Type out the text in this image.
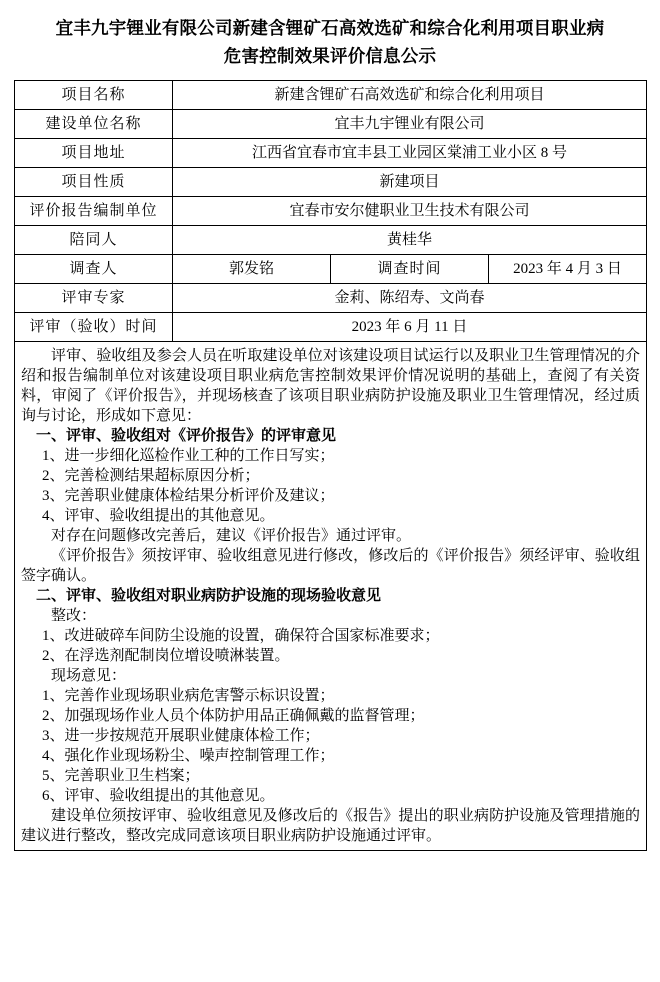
宜丰九宇锂业有限公司新建含锂矿石高效选矿和综合化利用项目职业病
危害控制效果评价信息公示
项目名称	新建含锂矿石高效选矿和综合化利用项目		
建设单位名称	宜丰九宇锂业有限公司		
项目地址	江西省宜春市宜丰县工业园区棠浦工业小区 8 号		
项目性质	新建项目		
评价报告编制单位	宜春市安尔健职业卫生技术有限公司		
陪同人	黄桂华		
调查人	郭发铭	调查时间	2023 年 4 月 3 日
评审专家	金莉、陈绍寿、文尚春		
评审（验收）时间	2023 年 6 月 11 日		

评审、验收组及参会人员在听取建设单位对该建设项目试运行以及职业卫生管理情况的介绍和报告编制单位对该建设项目职业病危害控制效果评价情况说明的基础上，查阅了有关资料，审阅了《评价报告》，并现场核查了该项目职业病防护设施及职业卫生管理情况，经过质询与讨论，形成如下意见：

一、评审、验收组对《评价报告》的评审意见

1、进一步细化巡检作业工种的工作日写实；

2、完善检测结果超标原因分析；

3、完善职业健康体检结果分析评价及建议；

4、评审、验收组提出的其他意见。

对存在问题修改完善后，建议《评价报告》通过评审。

《评价报告》须按评审、验收组意见进行修改，修改后的《评价报告》须经评审、验收组签字确认。

二、评审、验收组对职业病防护设施的现场验收意见

整改：

1、改进破碎车间防尘设施的设置，确保符合国家标准要求；

2、在浮选剂配制岗位增设喷淋装置。

现场意见：

1、完善作业现场职业病危害警示标识设置；

2、加强现场作业人员个体防护用品正确佩戴的监督管理；

3、进一步按规范开展职业健康体检工作；

4、强化作业现场粉尘、噪声控制管理工作；

5、完善职业卫生档案；

6、评审、验收组提出的其他意见。

建设单位须按评审、验收组意见及修改后的《报告》提出的职业病防护设施及管理措施的建议进行整改，整改完成同意该项目职业病防护设施通过评审。
